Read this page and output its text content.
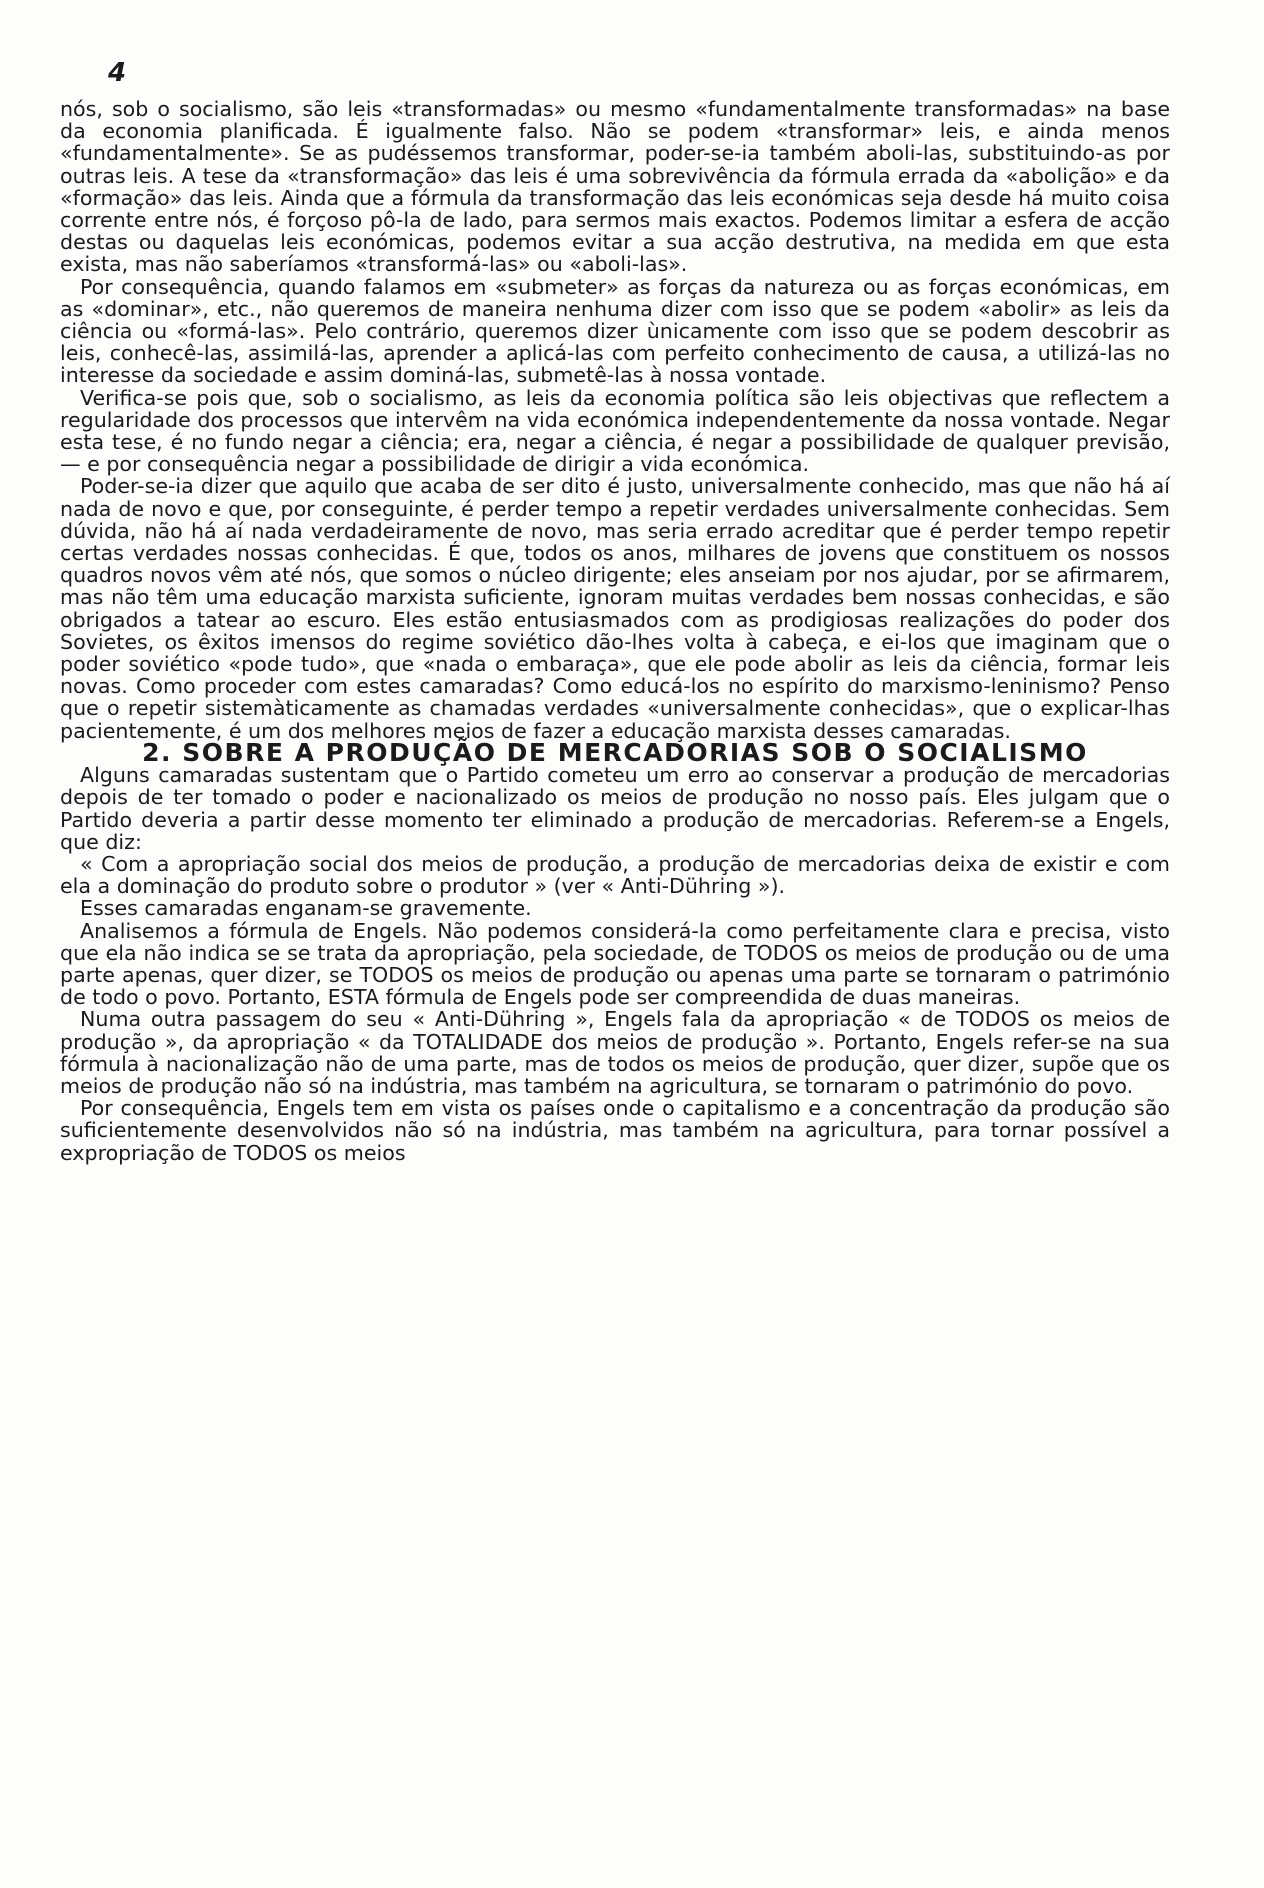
4

nós, sob o socialismo, são leis «transformadas» ou mesmo «fundamentalmente transformadas» na base da economia planificada. É igualmente falso. Não se podem «transformar» leis, e ainda menos «fundamentalmente». Se as pudéssemos transformar, poder-se-ia também aboli-las, substituindo-as por outras leis. A tese da «transformação» das leis é uma sobrevivência da fórmula errada da «abolição» e da «formação» das leis. Ainda que a fórmula da transformação das leis económicas seja desde há muito coisa corrente entre nós, é forçoso pô-la de lado, para sermos mais exactos. Podemos limitar a esfera de acção destas ou daquelas leis económicas, podemos evitar a sua acção destrutiva, na medida em que esta exista, mas não saberíamos «transformá-las» ou «aboli-las».

Por consequência, quando falamos em «submeter» as forças da natureza ou as forças económicas, em as «dominar», etc., não queremos de maneira nenhuma dizer com isso que se podem «abolir» as leis da ciência ou «formá-las». Pelo contrário, queremos dizer ùnicamente com isso que se podem descobrir as leis, conhecê-las, assimilá-las, aprender a aplicá-las com perfeito conhecimento de causa, a utilizá-las no interesse da sociedade e assim dominá-las, submetê-las à nossa vontade.

Verifica-se pois que, sob o socialismo, as leis da economia política são leis objectivas que reflectem a regularidade dos processos que intervêm na vida económica independentemente da nossa vontade. Negar esta tese, é no fundo negar a ciência; era, negar a ciência, é negar a possibilidade de qualquer previsão, — e por consequência negar a possibilidade de dirigir a vida económica.

Poder-se-ia dizer que aquilo que acaba de ser dito é justo, universalmente conhecido, mas que não há aí nada de novo e que, por conseguinte, é perder tempo a repetir verdades universalmente conhecidas. Sem dúvida, não há aí nada verdadeiramente de novo, mas seria errado acreditar que é perder tempo repetir certas verdades nossas conhecidas. É que, todos os anos, milhares de jovens que constituem os nossos quadros novos vêm até nós, que somos o núcleo dirigente; eles anseiam por nos ajudar, por se afirmarem, mas não têm uma educação marxista suficiente, ignoram muitas verdades bem nossas conhecidas, e são obrigados a tatear ao escuro. Eles estão entusiasmados com as prodigiosas realizações do poder dos Sovietes, os êxitos imensos do regime soviético dão-lhes volta à cabeça, e ei-los que imaginam que o poder soviético «pode tudo», que «nada o embaraça», que ele pode abolir as leis da ciência, formar leis novas. Como proceder com estes camaradas? Como educá-los no espírito do marxismo-leninismo? Penso que o repetir sistemàticamente as chamadas verdades «universalmente conhecidas», que o explicar-lhas pacientemente, é um dos melhores meios de fazer a educação marxista desses camaradas.

2. SOBRE A PRODUÇÃO DE MERCADORIAS SOB O SOCIALISMO

Alguns camaradas sustentam que o Partido cometeu um erro ao conservar a produção de mercadorias depois de ter tomado o poder e nacionalizado os meios de produção no nosso país. Eles julgam que o Partido deveria a partir desse momento ter eliminado a produção de mercadorias. Referem-se a Engels, que diz:

« Com a apropriação social dos meios de produção, a produção de mercadorias deixa de existir e com ela a dominação do produto sobre o produtor » (ver « Anti-Dühring »).

Esses camaradas enganam-se gravemente.

Analisemos a fórmula de Engels. Não podemos considerá-la como perfeitamente clara e precisa, visto que ela não indica se se trata da apropriação, pela sociedade, de TODOS os meios de produção ou de uma parte apenas, quer dizer, se TODOS os meios de produção ou apenas uma parte se tornaram o património de todo o povo. Portanto, ESTA fórmula de Engels pode ser compreendida de duas maneiras.

Numa outra passagem do seu « Anti-Dühring », Engels fala da apropriação « de TODOS os meios de produção », da apropriação « da TOTALIDADE dos meios de produção ». Portanto, Engels refer-se na sua fórmula à nacionalização não de uma parte, mas de todos os meios de produção, quer dizer, supõe que os meios de produção não só na indústria, mas também na agricultura, se tornaram o património do povo.

Por consequência, Engels tem em vista os países onde o capitalismo e a concentração da produção são suficientemente desenvolvidos não só na indústria, mas também na agricultura, para tornar possível a expropriação de TODOS os meios
